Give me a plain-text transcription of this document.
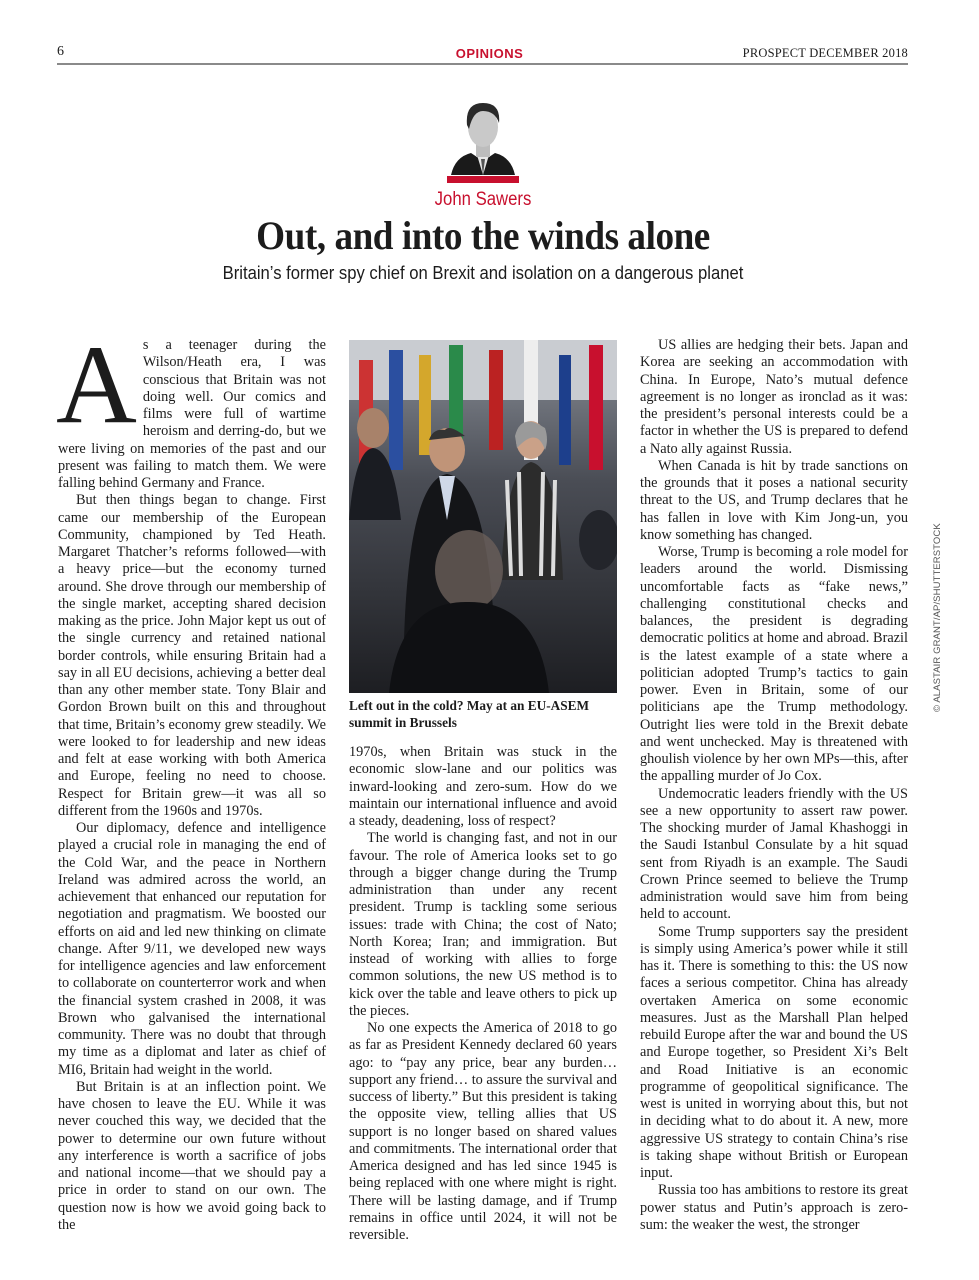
6	OPINIONS	PROSPECT DECEMBER 2018
John Sawers
Out, and into the winds alone
Britain’s former spy chief on Brexit and isolation on a dangerous planet
A s a teenager during the Wilson/Heath era, I was conscious that Britain was not doing well. Our comics and films were full of wartime heroism and derring-do, but we were living on memories of the past and our present was failing to match them. We were falling behind Germany and France.

But then things began to change. First came our membership of the European Community, championed by Ted Heath. Margaret Thatcher’s reforms followed—with a heavy price—but the economy turned around. She drove through our membership of the single market, accepting shared decision making as the price. John Major kept us out of the single currency and retained national border controls, while ensuring Britain had a say in all EU decisions, achieving a better deal than any other member state. Tony Blair and Gordon Brown built on this and throughout that time, Britain’s economy grew steadily. We were looked to for leadership and new ideas and felt at ease working with both America and Europe, feeling no need to choose. Respect for Britain grew—it was all so different from the 1960s and 1970s.

Our diplomacy, defence and intelligence played a crucial role in managing the end of the Cold War, and the peace in Northern Ireland was admired across the world, an achievement that enhanced our reputation for negotiation and pragmatism. We boosted our efforts on aid and led new thinking on climate change. After 9/11, we developed new ways for intelligence agencies and law enforcement to collaborate on counterterror work and when the financial system crashed in 2008, it was Brown who galvanised the international community. There was no doubt that through my time as a diplomat and later as chief of MI6, Britain had weight in the world.

But Britain is at an inflection point. We have chosen to leave the EU. While it was never couched this way, we decided that the power to determine our own future without any interference is worth a sacrifice of jobs and national income—that we should pay a price in order to stand on our own. The question now is how we avoid going back to the

Left out in the cold? May at an EU-ASEM summit in Brussels

1970s, when Britain was stuck in the economic slow-lane and our politics was inward-looking and zero-sum. How do we maintain our international influence and avoid a steady, deadening, loss of respect?

The world is changing fast, and not in our favour. The role of America looks set to go through a bigger change during the Trump administration than under any recent president. Trump is tackling some serious issues: trade with China; the cost of Nato; North Korea; Iran; and immigration. But instead of working with allies to forge common solutions, the new US method is to kick over the table and leave others to pick up the pieces.

No one expects the America of 2018 to go as far as President Kennedy declared 60 years ago: to “pay any price, bear any burden… support any friend… to assure the survival and success of liberty.” But this president is taking the opposite view, telling allies that US support is no longer based on shared values and commitments. The international order that America designed and has led since 1945 is being replaced with one where might is right. There will be lasting damage, and if Trump remains in office until 2024, it will not be reversible.

US allies are hedging their bets. Japan and Korea are seeking an accommodation with China. In Europe, Nato’s mutual defence agreement is no longer as ironclad as it was: the president’s personal interests could be a factor in whether the US is prepared to defend a Nato ally against Russia.

When Canada is hit by trade sanctions on the grounds that it poses a national security threat to the US, and Trump declares that he has fallen in love with Kim Jong-un, you know something has changed.

Worse, Trump is becoming a role model for leaders around the world. Dismissing uncomfortable facts as “fake news,” challenging constitutional checks and balances, the president is degrading democratic politics at home and abroad. Brazil is the latest example of a state where a politician adopted Trump’s tactics to gain power. Even in Britain, some of our politicians ape the Trump methodology. Outright lies were told in the Brexit debate and went unchecked. May is threatened with ghoulish violence by her own MPs—this, after the appalling murder of Jo Cox.

Undemocratic leaders friendly with the US see a new opportunity to assert raw power. The shocking murder of Jamal Khashoggi in the Saudi Istanbul Consulate by a hit squad sent from Riyadh is an example. The Saudi Crown Prince seemed to believe the Trump administration would save him from being held to account.

Some Trump supporters say the president is simply using America’s power while it still has it. There is something to this: the US now faces a serious competitor. China has already overtaken America on some economic measures. Just as the Marshall Plan helped rebuild Europe after the war and bound the US and Europe together, so President Xi’s Belt and Road Initiative is an economic programme of geopolitical significance. The west is united in worrying about this, but not in deciding what to do about it. A new, more aggressive US strategy to contain China’s rise is taking shape without British or European input.

Russia too has ambitions to restore its great power status and Putin’s approach is zero-sum: the weaker the west, the stronger

© ALASTAIR GRANT/AP/SHUTTERSTOCK
